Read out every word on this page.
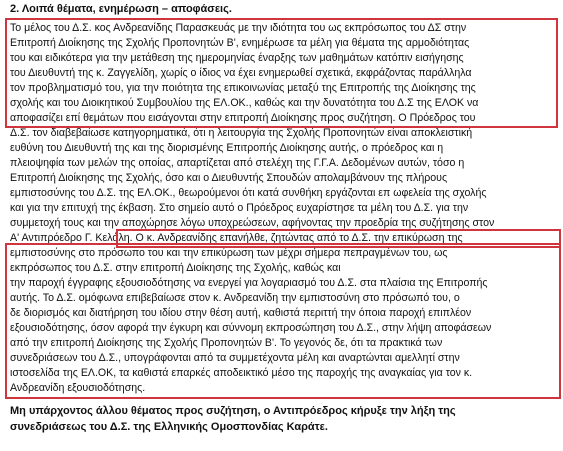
2. Λοιπά θέματα, ενημέρωση – αποφάσεις.
Το μέλος του Δ.Σ. κος Ανδρεανίδης Παρασκευάς με την ιδιότητα του ως εκπρόσωπος του ΔΣ στην
Επιτροπή Διοίκησης της Σχολής Προπονητών Β', ενημέρωσε τα μέλη για θέματα της αρμοδιότητας
του και ειδικότερα για την μετάθεση της ημερομηνίας έναρξης των μαθημάτων κατόπιν εισήγησης
του Διευθυντή της κ. Ζαγγελίδη, χωρίς ο ίδιος να έχει ενημερωθεί σχετικά, εκφράζοντας παράλληλα
τον προβληματισμό του, για την ποιότητα της επικοινωνίας μεταξύ της Επιτροπής της Διοίκησης της
σχολής και του Διοικητικού Συμβουλίου της ΕΛ.ΟΚ., καθώς και την δυνατότητα του Δ.Σ της ΕΛΟΚ να
αποφασίζει επί θεμάτων που εισάγονται στην επιτροπή Διοίκησης προς συζήτηση. Ο Πρόεδρος του
Δ.Σ. τον διαβεβαίωσε κατηγορηματικά, ότι η λειτουργία της Σχολής Προπονητών είναι αποκλειστική
ευθύνη του Διευθυντή της και της διορισμένης Επιτροπής Διοίκησης αυτής, ο πρόεδρος και η
πλειοψηφία των μελών της οποίας, απαρτίζεται από στελέχη της Γ.Γ.Α. Δεδομένων αυτών, τόσο η
Επιτροπή Διοίκησης της Σχολής, όσο και ο Διευθυντής Σπουδών απολαμβάνουν της πλήρους
εμπιστοσύνης του Δ.Σ. της ΕΛ.ΟΚ., θεωρούμενοι ότι κατά συνθήκη εργάζονται επ ωφελεία της σχολής
και για την επιτυχή της έκβαση. Στο σημείο αυτό ο Πρόεδρος ευχαρίστησε τα μέλη του Δ.Σ. για την
συμμετοχή τους και την αποχώρησε λόγω υποχρεώσεων, αφήνοντας την προεδρία της συζήτησης στον
Α' Αντιπρόεδρο Γ. Κελάλη. Ο κ. Ανδρεανίδης επανήλθε, ζητώντας από το Δ.Σ. την επικύρωση της
εμπιστοσύνης στο πρόσωπο του και την επικύρωση των μέχρι σήμερα πεπραγμένων του, ως
εκπρόσωπος του Δ.Σ. στην επιτροπή Διοίκησης της Σχολής, καθώς και
την παροχή έγγραφης εξουσιοδότησης να ενεργεί για λογαριασμό του Δ.Σ. στα πλαίσια της Επιτροπής
αυτής. Το Δ.Σ. ομόφωνα επιβεβαίωσε στον κ. Ανδρεανίδη την εμπιστοσύνη στο πρόσωπό του, ο
δε διορισμός και διατήρηση του ιδίου στην θέση αυτή, καθιστά περιττή την όποια παροχή επιπλέον
εξουσιοδότησης, όσον αφορά την έγκυρη και σύννομη εκπροσώπηση του Δ.Σ., στην λήψη αποφάσεων
από την επιτροπή Διοίκησης της Σχολής Προπονητών Β'. Το γεγονός δε, ότι τα πρακτικά των
συνεδριάσεων του Δ.Σ., υπογράφονται από τα συμμετέχοντα μέλη και αναρτώνται αμελλητί στην
ιστοσελίδα της ΕΛ.ΟΚ, τα καθιστά επαρκές αποδεικτικό μέσο της παροχής της αναγκαίας για τον κ.
Ανδρεανίδη εξουσιοδότησης.
Μη υπάρχοντος άλλου θέματος προς συζήτηση, ο Αντιπρόεδρος κήρυξε την λήξη της
συνεδριάσεως του Δ.Σ. της Ελληνικής Ομοσπονδίας Καράτε.
